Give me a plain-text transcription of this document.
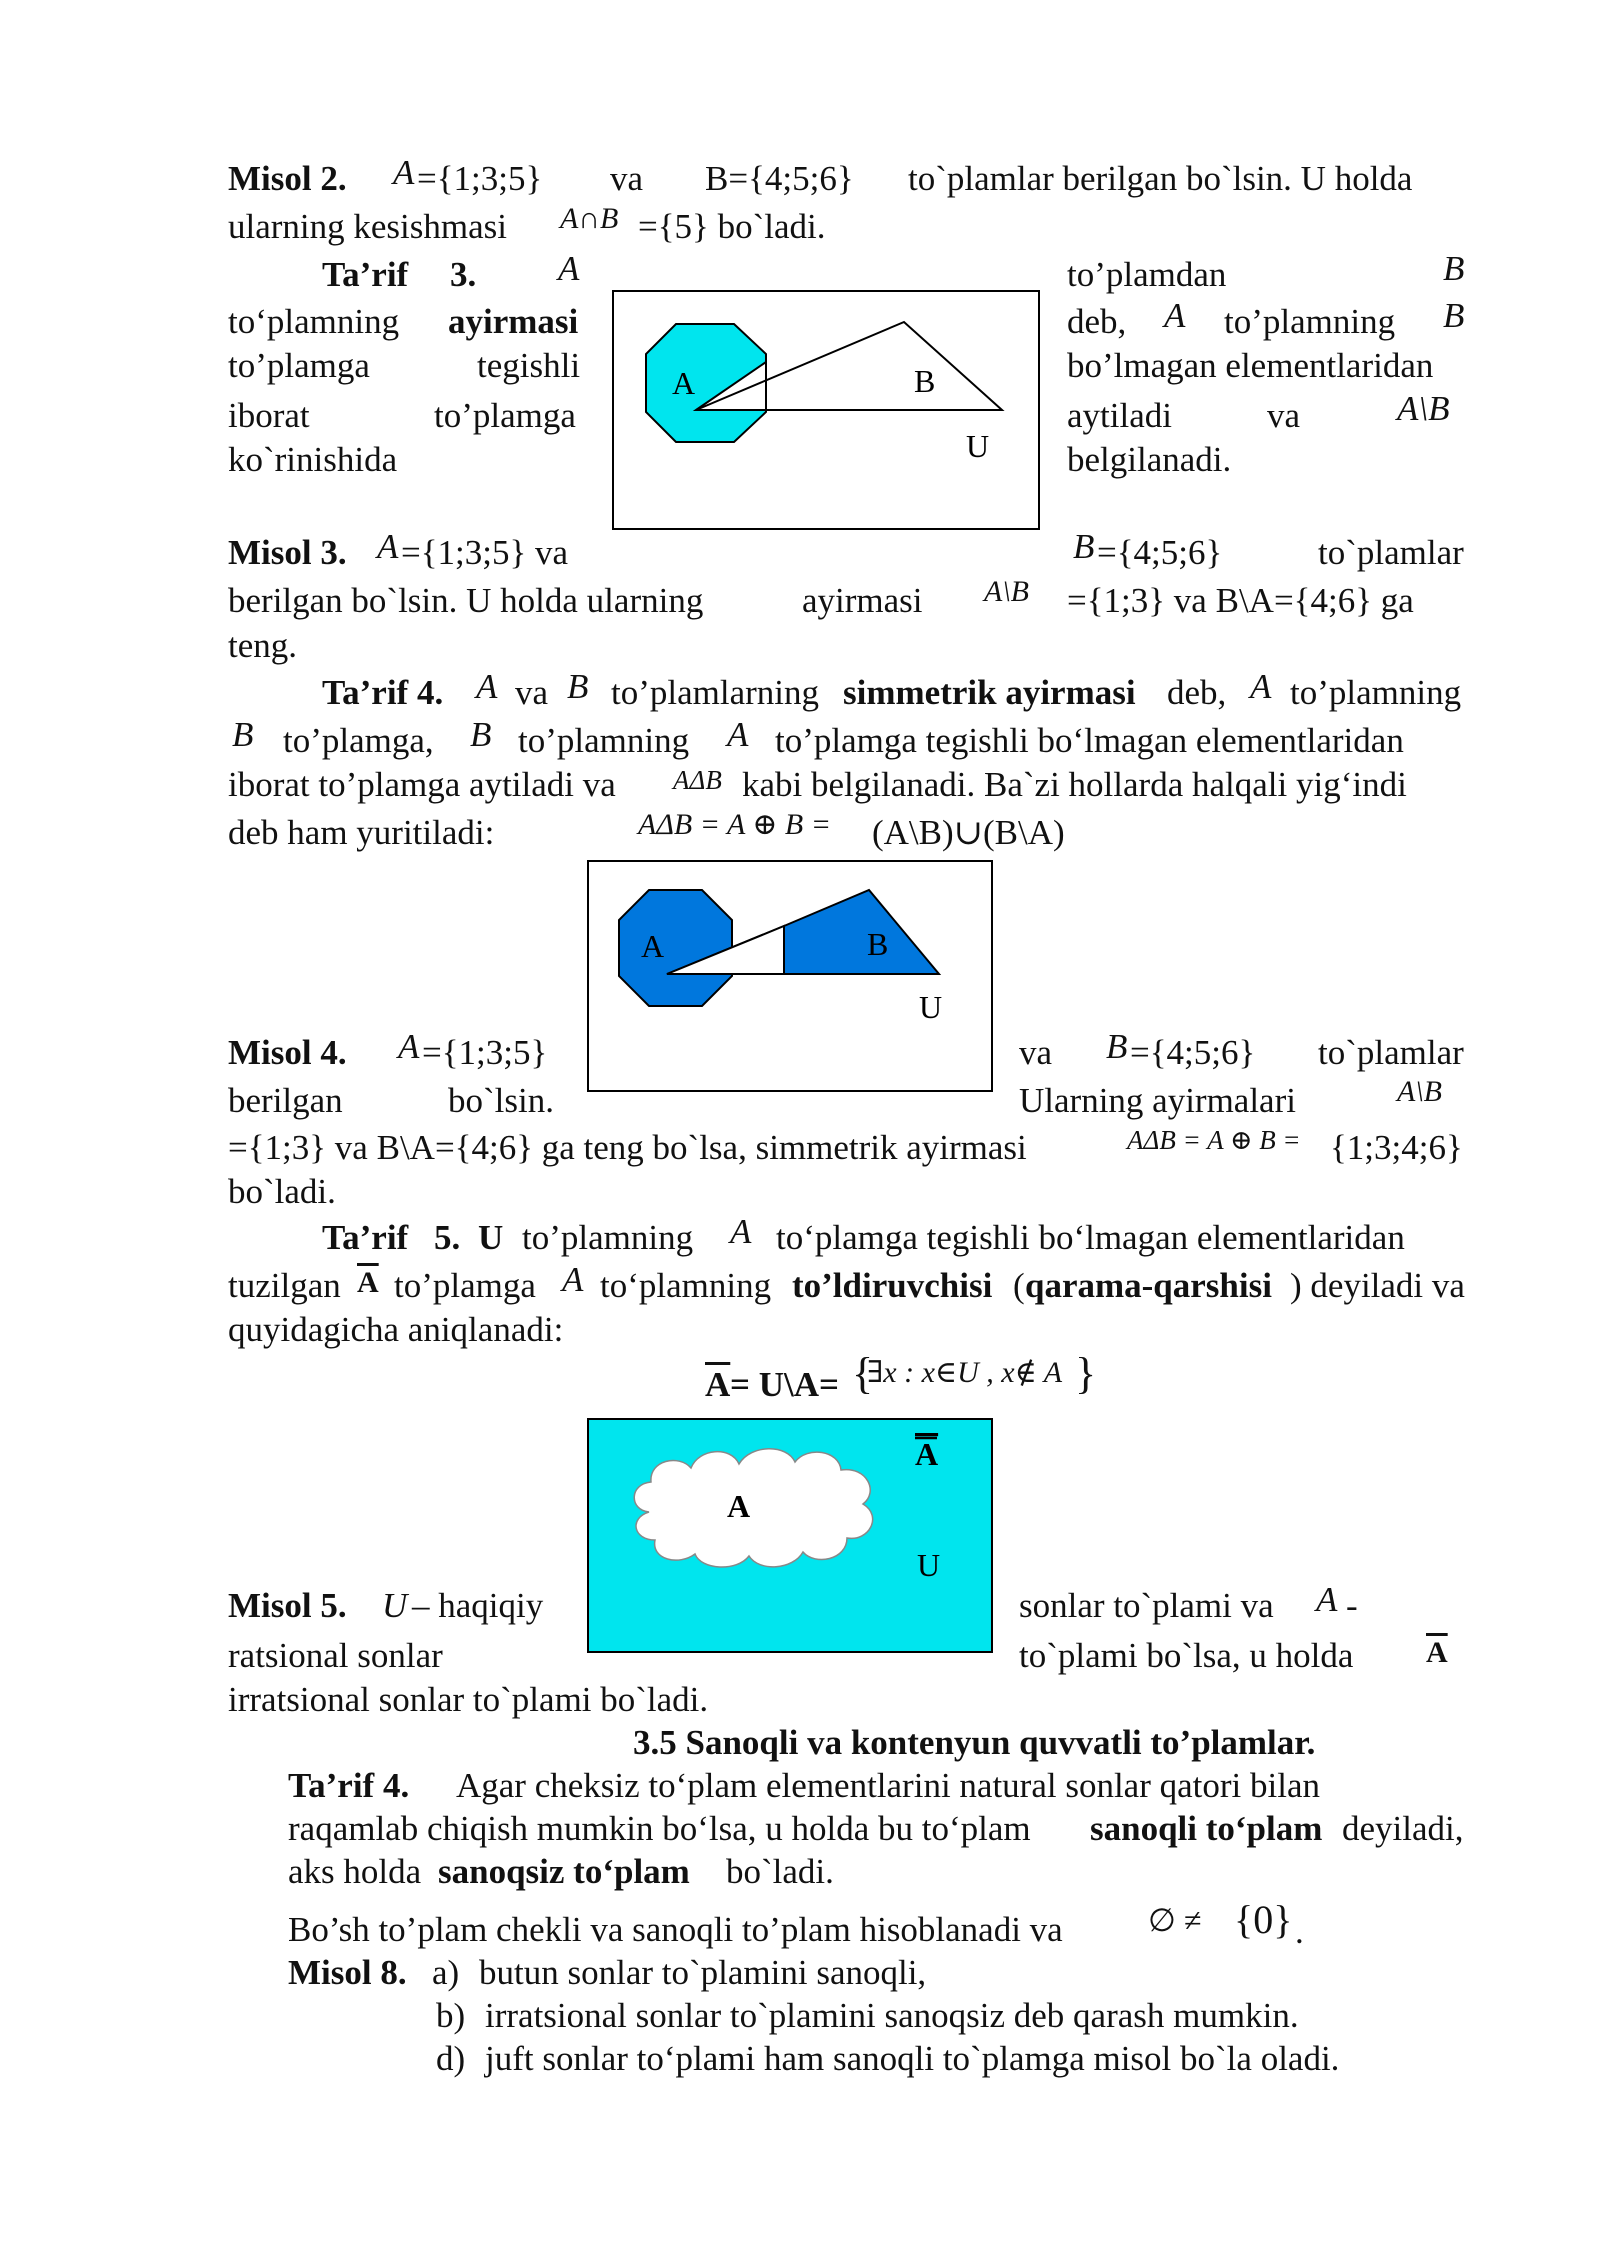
Misol 2. A ={1;3;5} va B={4;5;6} to`plamlar berilgan bo`lsin. U holda
ularning kesishmasi A∩B ={5} bo`ladi.
Ta’rif 3. A	to’plamdan	B
to‘plamning ayirmasi	deb, A to’plamning B
to’plamga	tegishli	bo’lmagan elementlaridan
iborat	to’plamga	aytiladi	va	A\B
ko`rinishida	belgilanadi.
A	B
U
Misol 3. A ={1;3;5} va	B ={4;5;6}	to`plamlar
berilgan bo`lsin. U holda ularning	ayirmasi A\B ={1;3} va B\A={4;6} ga
teng.
Ta’rif 4. A va B to’plamlarning simmetrik ayirmasi deb, A to’plamning
B to’plamga, B to’plamning A to’plamga tegishli bo‘lmagan elementlaridan
iborat to’plamga aytiladi va AΔB kabi belgilanadi. Ba`zi hollarda halqali yig‘indi
deb ham yuritiladi:	AΔB = A ⊕ B = (A\B)∪(B\A)
A	B
U
Misol 4. A ={1;3;5}	va B ={4;5;6} to`plamlar
berilgan	bo`lsin.	Ularning ayirmalari	A\B
={1;3} va B\A={4;6} ga teng bo`lsa, simmetrik ayirmasi	AΔB = A ⊕ B = {1;3;4;6}
bo`ladi.
Ta’rif 5. U to’plamning A to‘plamga tegishli bo‘lmagan elementlaridan
tuzilgan $\overline{A}$ to’plamga A to‘plamning to’ldiruvchisi ( qarama-qarshisi ) deyiladi va
quyidagicha aniqlanadi:
$\overline{A}$ = U\A= {
∃x : x∈U , x∉ A }
A
A
U
Misol 5. U – haqiqiy	sonlar to`plami va A -
ratsional sonlar	to`plami bo`lsa, u holda $\overline{A}$
irratsional sonlar to`plami bo`ladi.
3.5 Sanoqli va kontenyun quvvatli to’plamlar.
Ta’rif 4. Agar cheksiz to‘plam elementlarini natural sonlar qatori bilan
raqamlab chiqish mumkin bo‘lsa, u holda bu to‘plam sanoqli to‘plam deyiladi,
aks holda sanoqsiz to‘plam bo`ladi.
Bo’sh to’plam chekli va sanoqli to’plam hisoblanadi va	∅ ≠ {0} .
Misol 8. a) butun sonlar to`plamini sanoqli,
b) irratsional sonlar to`plamini sanoqsiz deb qarash mumkin.
d) juft sonlar to‘plami ham sanoqli to`plamga misol bo`la oladi.
